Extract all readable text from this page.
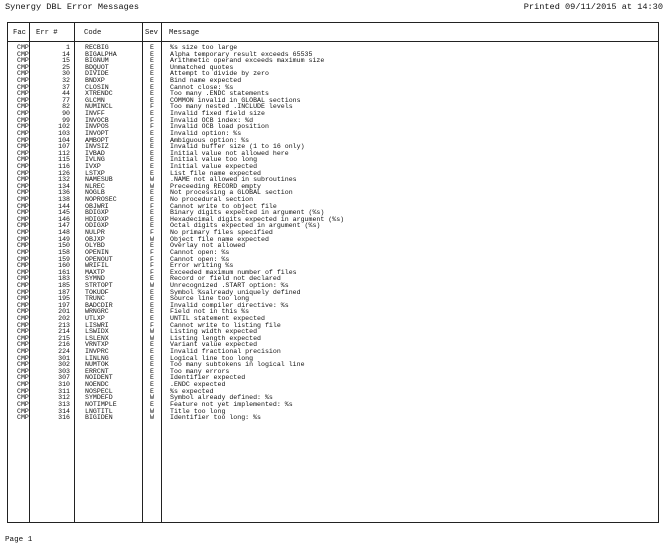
Synergy DBL Error Messages	Printed 09/11/2015 at 14:30
Fac Err #	Code	Sev Message
CMP	1 RECBIG	E %s size too large
CMP	14 BIGALPHA	E Alpha temporary result exceeds 65535
CMP	15 BIGNUM	E Arithmetic operand exceeds maximum size
CMP	25 BDQUOT	E Unmatched quotes
CMP	30 DIVIDE	E Attempt to divide by zero
CMP	32 BNDXP	E Bind name expected
CMP	37 CLOSIN	E Cannot close: %s
CMP	44 XTRENDC	E Too many .ENDC statements
CMP	77 GLCMN	E COMMON invalid in GLOBAL sections
CMP	82 NUMINCL	F Too many nested .INCLUDE levels
CMP	90 INVFF	E Invalid fixed field size
CMP	99 INVOCB	F Invalid OCB index: %d
CMP	102 INVPOS	F Invalid OCB load position
CMP	103 INVOPT	E Invalid option: %s
CMP	104 AMBOPT	E Ambiguous option: %s
CMP	107 INVSIZ	E Invalid buffer size (1 to 16 only)
CMP	112 IVBAD	E Initial value not allowed here
CMP	115 IVLNG	E Initial value too long
CMP	116 IVXP	E Initial value expected
CMP	126 LSTXP	E List file name expected
CMP	132 NAMESUB	W .NAME not allowed in subroutines
CMP	134 NLREC	W Preceeding RECORD empty
CMP	136 NOGLB	E Not processing a GLOBAL section
CMP	138 NOPROSEC	E No procedural section
CMP	144 OBJWRI	F Cannot write to object file
CMP	145 BDIGXP	E Binary digits expected in argument (%s)
CMP	146 HDIGXP	E Hexadecimal digits expected in argument (%s)
CMP	147 ODIGXP	E Octal digits expected in argument (%s)
CMP	148 NULPR	F No primary files specified
CMP	149 OBJXP	W Object file name expected
CMP	150 OLYBD	E Overlay not allowed
CMP	158 OPENIN	F Cannot open: %s
CMP	159 OPENOUT	F Cannot open: %s
CMP	160 WRIFIL	F Error writing %s
CMP	161 MAXTP	F Exceeded maximum number of files
CMP	183 SYMND	E Record or field not declared
CMP	185 STRTOPT	W Unrecognized .START option: %s
CMP	187 TOKUDF	E Symbol %salready uniquely defined
CMP	195 TRUNC	E Source line too long
CMP	197 BADCDIR	E Invalid compiler directive: %s
CMP	201 WRNGRC	E Field not in this %s
CMP	202 UTLXP	E UNTIL statement expected
CMP	213 LISWRI	F Cannot write to listing file
CMP	214 LSWIDX	W Listing width expected
CMP	215 LSLENX	W Listing length expected
CMP	216 VRNTXP	E Variant value expected
CMP	224 INVPRC	E Invalid fractional precision
CMP	301 LINLNG	E Logical line too long
CMP	302 NUMTOK	E Too many subtokens in logical line
CMP	303 ERRCNT	E Too many errors
CMP	307 NOIDENT	E Identifier expected
CMP	310 NOENDC	E .ENDC expected
CMP	311 NOSPECL	E %s expected
CMP	312 SYMDEFD	W Symbol already defined: %s
CMP	313 NOTIMPLE	E Feature not yet implemented: %s
CMP	314 LNGTITL	W Title too long
CMP	316 BIGIDEN	W Identifier too long: %s
Page 1
